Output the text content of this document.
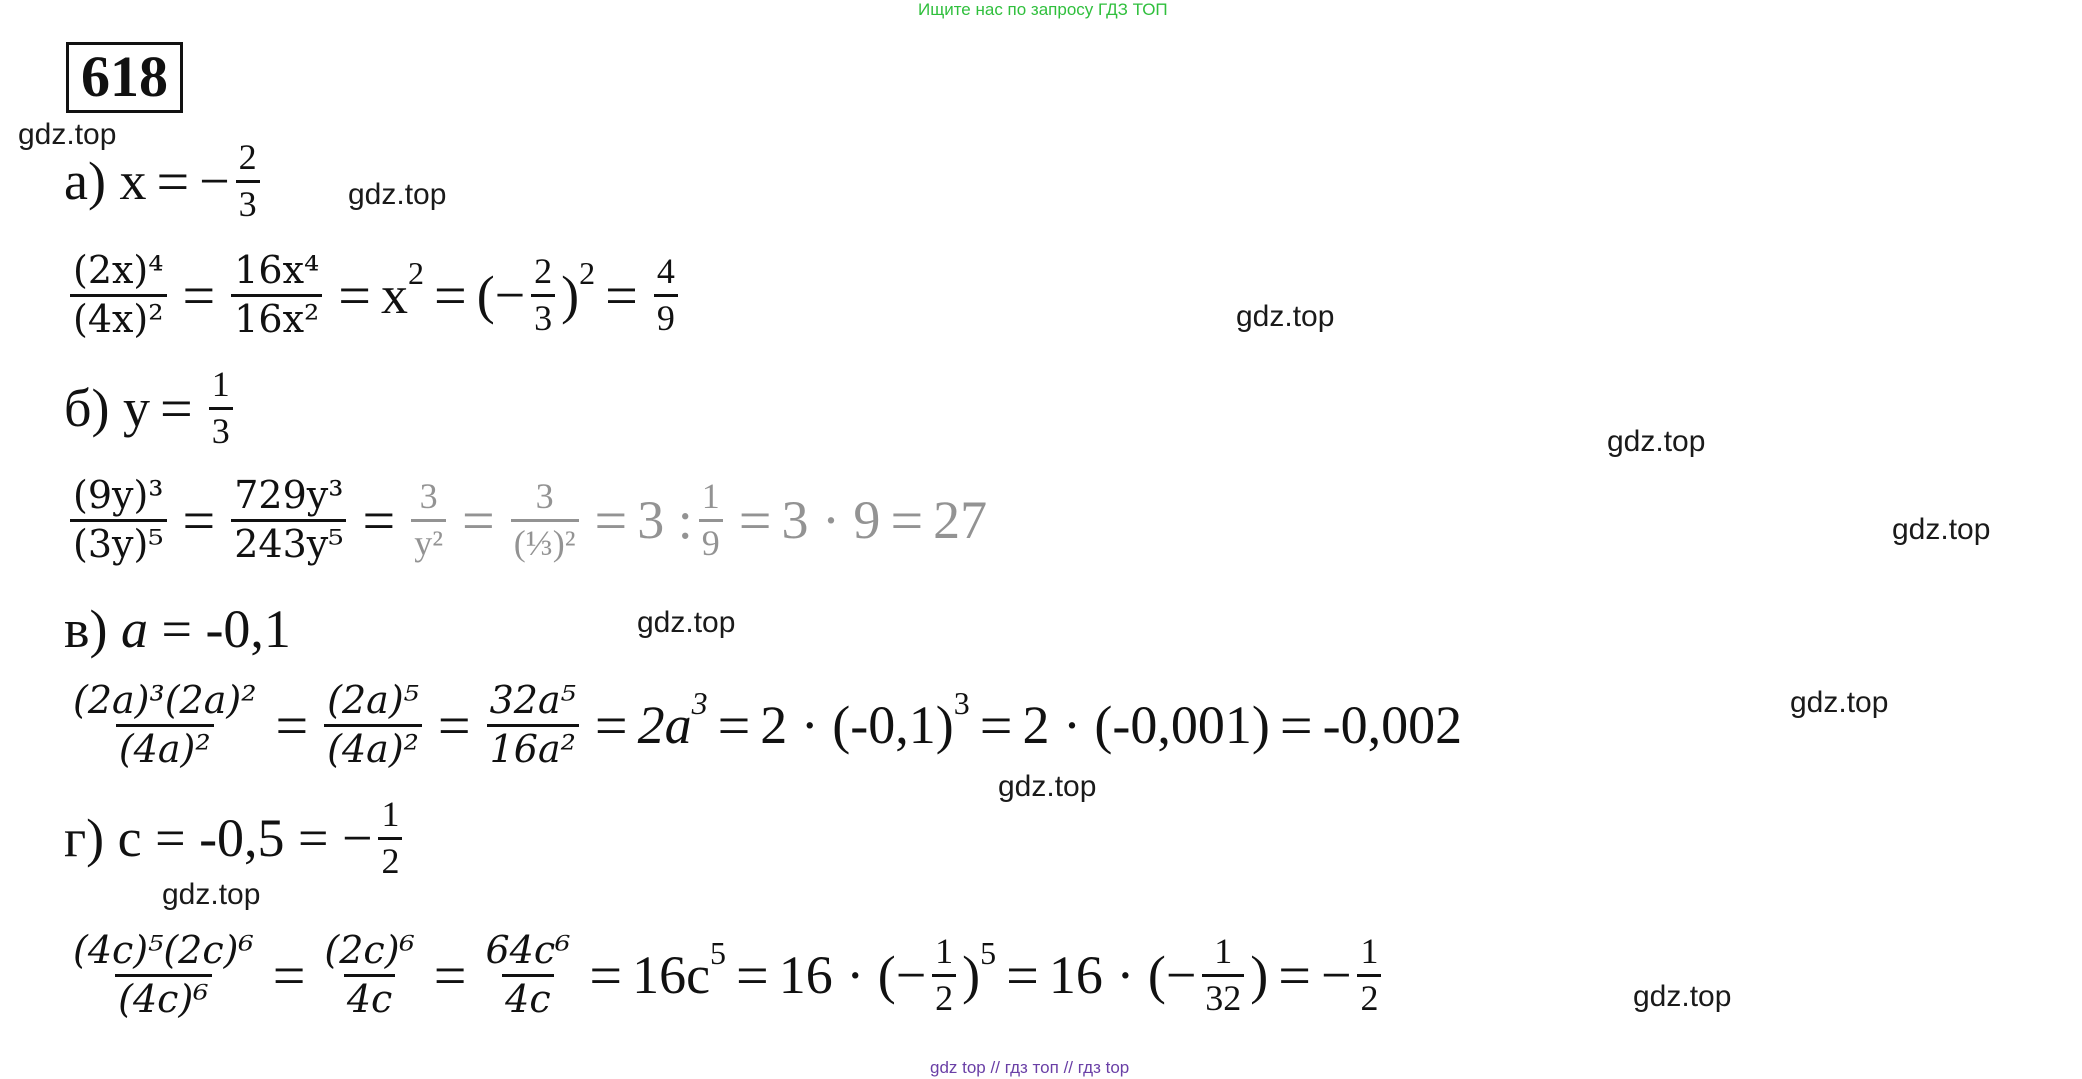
Ищите нас по запросу ГДЗ ТОП
618
gdz.top
gdz.top
gdz.top
gdz.top
gdz.top
gdz.top
gdz.top
gdz.top
gdz.top
gdz.top
а)
x = − $\frac{2}{3}$
$\frac{\text{(2x)⁴}}{\text{(4x)²}} = \frac{\text{16x⁴}}{\text{16x²}} = x^2$ = (− $\frac{2}{3} )^2 = \frac{4}{9}$
б)
$y = \frac{1}{3}$
$\frac{\text{(9y)³}}{\text{(3y)⁵}} = \frac{\text{729y³}}{\text{243y⁵}} = \frac{3}{\text{y²}} = \frac{3}{\text{(⅓)²}} = 3$ : $\frac{1}{9} = 3 \cdot 9 = 27$
в)
a
= -0,1
$\frac{\text{(2a)³(2a)²}}{\text{(4a)²}} = \frac{\text{(2a)⁵}}{\text{(4a)²}} = \frac{\text{32a⁵}}{\text{16a²}} = 2a^3 = 2 \cdot (-0,1)^3 = 2 \cdot (-0,001) = -0,002$
г)
c
= -0,5 =
− $\frac{1}{2}$
$\frac{\text{(4c)⁵(2c)⁶}}{\text{(4c)⁶}} = \frac{\text{(2c)⁶}}{4c} = \frac{\text{64c⁶}}{4c} = 16c^5 = 16$ · (− $\frac{1}{2} )^5 = 16$ · (− $\frac{1}{32}$ ) = − $\frac{1}{2}$
gdz top // гдз топ // гдз top
